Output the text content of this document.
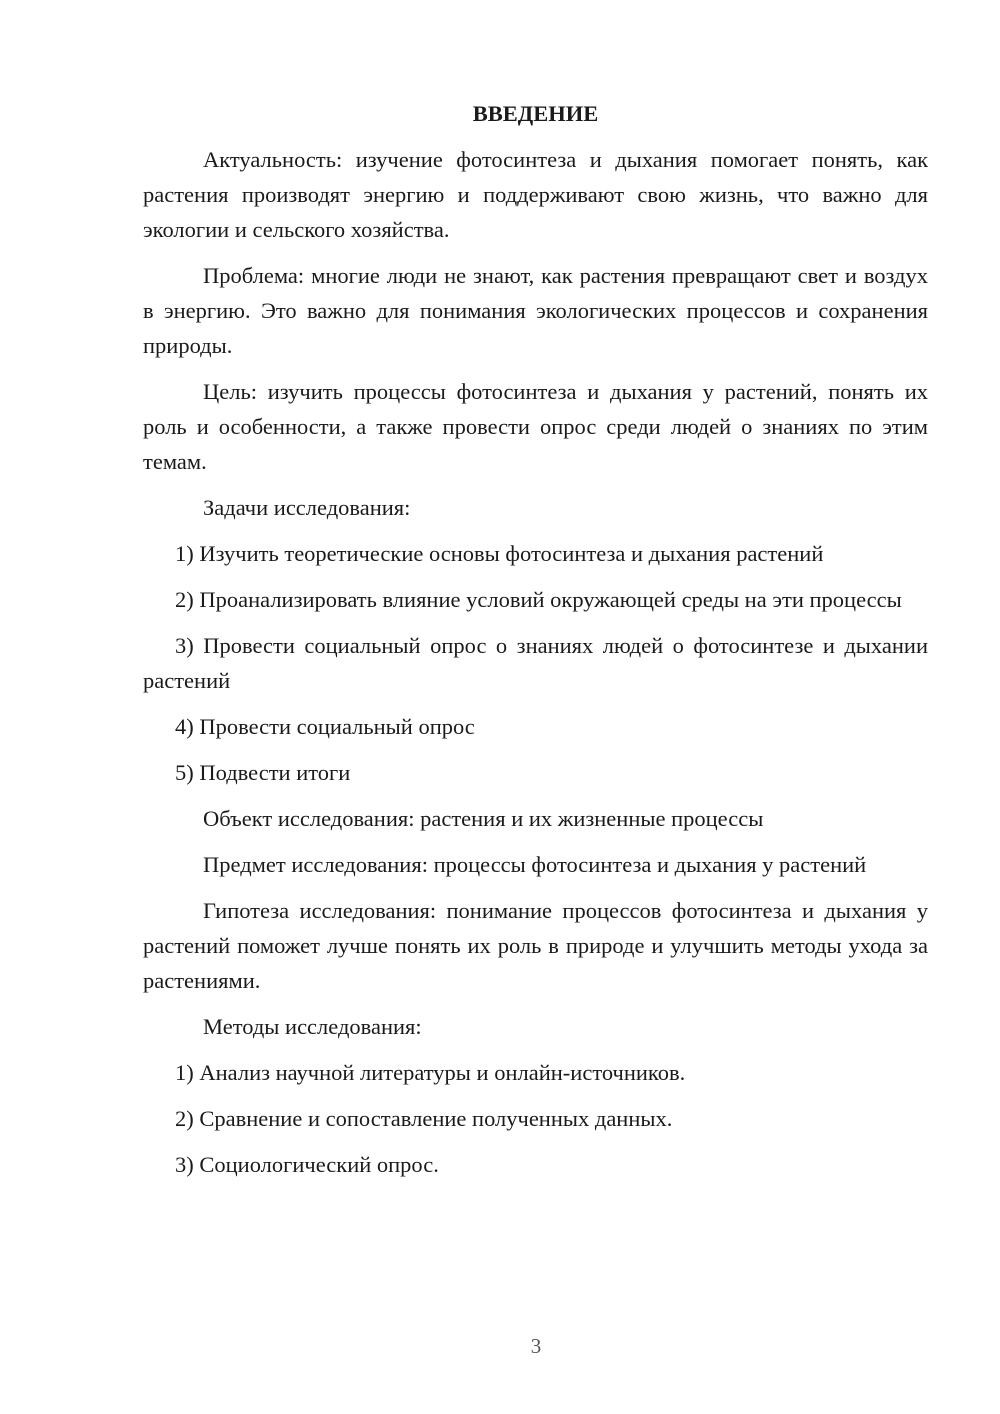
ВВЕДЕНИЕ

Актуальность: изучение фотосинтеза и дыхания помогает понять, как растения производят энергию и поддерживают свою жизнь, что важно для экологии и сельского хозяйства.

Проблема: многие люди не знают, как растения превращают свет и воздух в энергию. Это важно для понимания экологических процессов и сохранения природы.

Цель: изучить процессы фотосинтеза и дыхания у растений, понять их роль и особенности, а также провести опрос среди людей о знаниях по этим темам.

Задачи исследования:

1) Изучить теоретические основы фотосинтеза и дыхания растений

2) Проанализировать влияние условий окружающей среды на эти процессы

3) Провести социальный опрос о знаниях людей о фотосинтезе и дыхании растений

4) Провести социальный опрос

5) Подвести итоги

Объект исследования: растения и их жизненные процессы

Предмет исследования: процессы фотосинтеза и дыхания у растений

Гипотеза исследования: понимание процессов фотосинтеза и дыхания у растений поможет лучше понять их роль в природе и улучшить методы ухода за растениями.

Методы исследования:

1) Анализ научной литературы и онлайн-источников.

2) Сравнение и сопоставление полученных данных.

3) Социологический опрос.

3
